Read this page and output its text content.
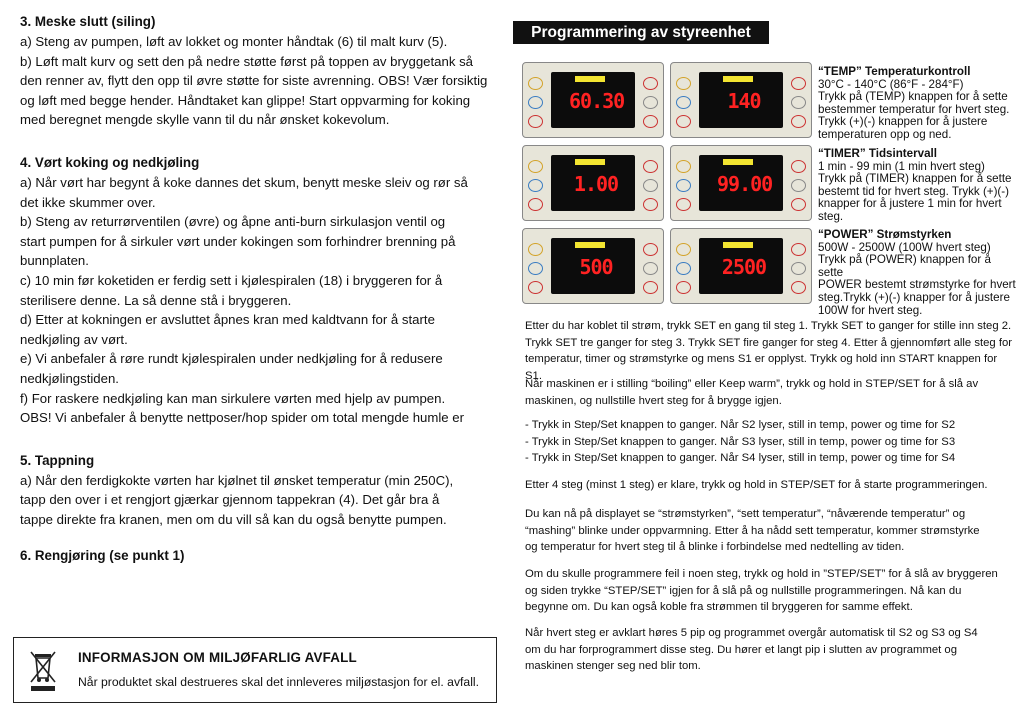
3. Meske slutt (siling)

a) Steng av pumpen, løft av lokket og monter håndtak (6) til malt kurv (5).

b) Løft malt kurv og sett den på nedre støtte først på toppen av bryggetank så

den renner av, flytt den opp til øvre støtte for siste avrenning. OBS! Vær forsiktig

og løft med begge hender. Håndtaket kan glippe! Start oppvarming for koking

med beregnet mengde skylle vann til du når ønsket kokevolum.

4. Vørt koking og nedkjøling

a) Når vørt har begynt å koke dannes det skum, benytt meske sleiv og rør så

det ikke skummer over.

b) Steng av returrørventilen (øvre) og åpne anti-burn sirkulasjon ventil og

start pumpen for å sirkuler vørt under kokingen som forhindrer brenning på

bunnplaten.

c) 10 min før koketiden er ferdig sett i kjølespiralen (18) i bryggeren for å

sterilisere denne. La så denne stå i bryggeren.

d) Etter at kokningen er avsluttet åpnes kran med kaldtvann for å starte

nedkjøling av vørt.

e) Vi anbefaler å røre rundt kjølespiralen under nedkjøling for å redusere

nedkjølingstiden.

f) For raskere nedkjøling kan man sirkulere vørten med hjelp av pumpen.

OBS! Vi anbefaler å benytte nettposer/hop spider om total mengde humle er

5. Tappning

a) Når den ferdigkokte vørten har kjølnet til ønsket temperatur (min 250C),

tapp den over i et rengjort gjærkar gjennom tappekran (4). Det går bra å

tappe direkte fra kranen, men om du vill så kan du også benytte pumpen.

6. Rengjøring (se punkt 1)
INFORMASJON OM MILJØFARLIG AVFALL
Når produktet skal destrueres skal det innleveres miljøstasjon for el. avfall.
Programmering av styreenhet
60.30	140
1.00	99.00
500	2500
“TEMP” Temperaturkontroll
30°C - 140°C (86°F - 284°F)
Trykk på (TEMP) knappen for å sette
bestemmer temperatur for hvert steg.
Trykk (+)(-) knappen for å justere
temperaturen opp og ned.
“TIMER” Tidsintervall
1 min - 99 min (1 min hvert steg)
Trykk på (TIMER) knappen for å sette
bestemt tid for hvert steg. Trykk (+)(-)
knapper for å justere 1 min for hvert
steg.
“POWER” Strømstyrken
500W - 2500W (100W hvert steg)
Trykk på (POWER) knappen for å sette
POWER bestemt strømstyrke for hvert
steg.Trykk (+)(-) knapper for å justere
100W for hvert steg.

Etter du har koblet til strøm, trykk SET en gang til steg 1. Trykk SET to ganger for stille inn steg 2.

Trykk SET tre ganger for steg 3. Trykk SET fire ganger for steg 4. Etter å gjennomført alle steg for

temperatur, timer og strømstyrke og mens S1 er opplyst. Trykk og hold inn START knappen for S1.

Når maskinen er i stilling “boiling” eller Keep warm”, trykk og hold in STEP/SET for å slå av

maskinen, og nullstille hvert steg for å brygge igjen.

- Trykk in Step/Set knappen to ganger. Når S2 lyser, still in temp, power og time for S2

- Trykk in Step/Set knappen to ganger. Når S3 lyser, still in temp, power og time for S3

- Trykk in Step/Set knappen to ganger. Når S4 lyser, still in temp, power og time for S4

Etter 4 steg (minst 1 steg) er klare, trykk og hold in STEP/SET for å starte programmeringen.

Du kan nå på displayet se “strømstyrken”, “sett temperatur”, “nåværende temperatur” og

“mashing” blinke under oppvarmning. Etter å ha nådd sett temperatur, kommer strømstyrke

og temperatur for hvert steg til å blinke i forbindelse med nedtelling av tiden.

Om du skulle programmere feil i noen steg, trykk og hold in ”STEP/SET” for å slå av bryggeren

og siden trykke “STEP/SET” igjen for å slå på og nullstille programmeringen. Nå kan du

begynne om. Du kan også koble fra strømmen til bryggeren for samme effekt.

Når hvert steg er avklart høres 5 pip og programmet overgår automatisk til S2 og S3 og S4

om du har forprogrammert disse steg. Du hører et langt pip i slutten av programmet og

maskinen stenger seg ned blir tom.
